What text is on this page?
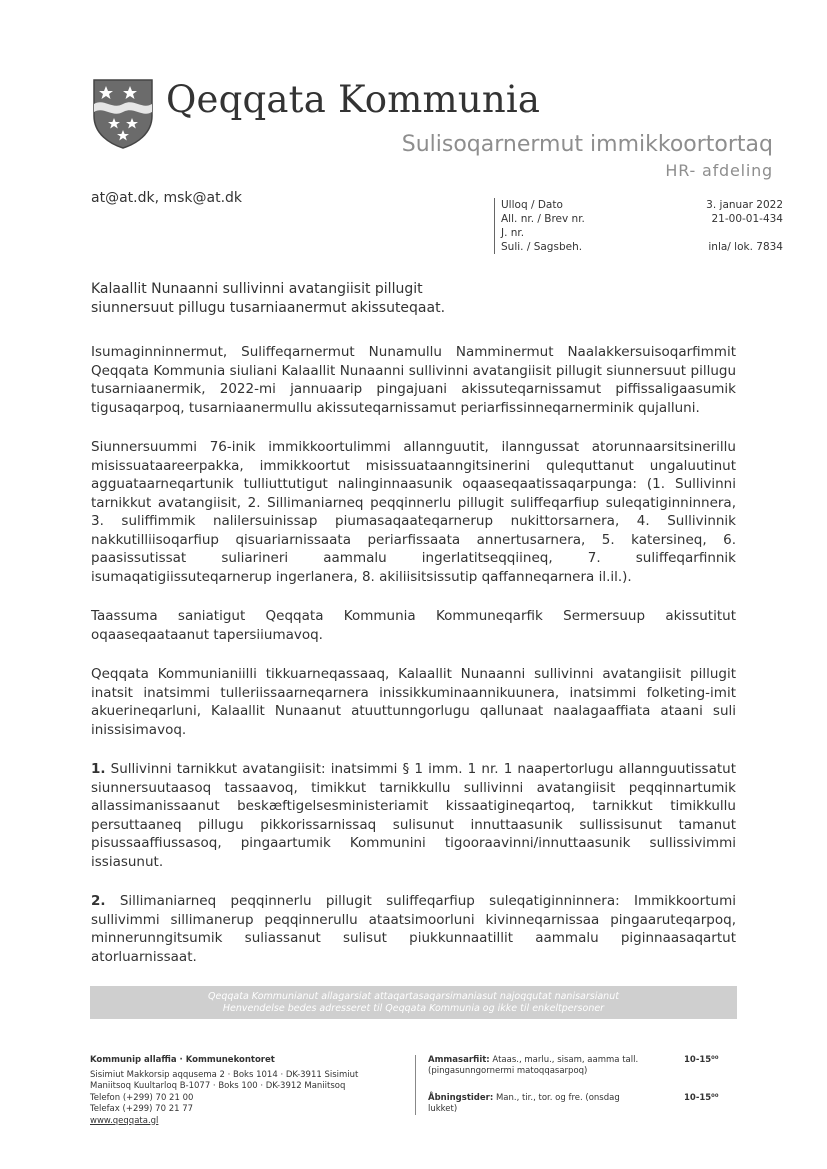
Qeqqata Kommunia
Sulisoqarnermut immikkoortortaq
HR- afdeling
at@at.dk, msk@at.dk	Ulloq / Dato	3. januar 2022
All. nr. / Brev nr.	21-00-01-434
J. nr.
Suli. / Sagsbeh.	inla/ lok. 7834
Kalaallit Nunaanni sullivinni avatangiisit pillugit
siunnersuut pillugu tusarniaanermut akissuteqaat.

Isumaginninnermut, Suliffeqarnermut Nunamullu Namminermut Naalakkersuisoqarfimmit Qeqqata Kommunia siuliani Kalaallit Nunaanni sullivinni avatangiisit pillugit siunnersuut pillugu tusarniaanermik, 2022-mi jannuaarip pingajuani akissuteqarnissamut piffissaligaasumik tigusaqarpoq, tusarniaanermullu akissuteqarnissamut periarfissinneqarnerminik qujalluni.

Siunnersuummi 76-inik immikkoortulimmi allannguutit, ilanngussat atorunnaarsitsinerillu misissuataareerpakka, immikkoortut misissuataanngitsinerini qulequttanut ungaluutinut agguataarneqartunik tulliuttutigut nalinginnaasunik oqaaseqaatissaqarpunga: (1. Sullivinni tarnikkut avatangiisit, 2. Sillimaniarneq peqqinnerlu pillugit suliffeqarfiup suleqatiginninnera, 3. suliffimmik nalilersuinissap piumasaqaateqarnerup nukittorsarnera, 4. Sullivinnik nakkutilliisoqarfiup qisuariarnissaata periarfissaata annertusarnera, 5. katersineq, 6. paasissutissat suliarineri aammalu ingerlatitseqqiineq, 7. suliffeqarfinnik isumaqatigiissuteqarnerup ingerlanera, 8. akiliisitsissutip qaffanneqarnera il.il.).

Taassuma saniatigut Qeqqata Kommunia Kommuneqarfik Sermersuup akissutitut oqaaseqaataanut tapersiiumavoq.

Qeqqata Kommunianiilli tikkuarneqassaaq, Kalaallit Nunaanni sullivinni avatangiisit pillugit inatsit inatsimmi tulleriissaarneqarnera inissikkuminaannikuunera, inatsimmi folketing-imit akuerineqarluni, Kalaallit Nunaanut atuuttunngorlugu qallunaat naalagaaffiata ataani suli inissisimavoq.

1. Sullivinni tarnikkut avatangiisit: inatsimmi § 1 imm. 1 nr. 1 naapertorlugu allannguutissatut siunnersuutaasoq tassaavoq, timikkut tarnikkullu sullivinni avatangiisit peqqinnartumik allassimanissaanut beskæftigelsesministeriamit kissaatigineqartoq, tarnikkut timikkullu persuttaaneq pillugu pikkorissarnissaq sulisunut innuttaasunik sullissisunut tamanut pisussaaffiussasoq, pingaartumik Kommunini tigooraavinni/innuttaasunik sullissivimmi issiasunut.

2. Sillimaniarneq peqqinnerlu pillugit suliffeqarfiup suleqatiginninnera: Immikkoortumi sullivimmi sillimanerup peqqinnerullu ataatsimoorluni kivinneqarnissaa pingaaruteqarpoq, minnerunngitsumik suliassanut sulisut piukkunnaatillit aammalu piginnaasaqartut atorluarnissaat.

Qeqqata Kommunianut allagarsiat attaqartasaqarsimaniasut najoqqutat nanisarsianut
Henvendelse bedes adresseret til Qeqqata Kommunia og ikke til enkeltpersoner
Kommunip allaffia · Kommunekontoret
Sisimiut Makkorsip aqqusema 2 · Boks 1014 · DK-3911 Sisimiut
Maniitsoq Kuultarloq B-1077 · Boks 100 · DK-3912 Maniitsoq
Telefon (+299) 70 21 00
Telefax (+299) 70 21 77
www.qeqqata.gl
Ammasarfiit: Ataas., marlu., sisam, aamma tall. (pingasunngornermi matoqqasarpoq)
10-15⁰⁰
Åbningstider: Man., tir., tor. og fre. (onsdag lukket)
10-15⁰⁰
